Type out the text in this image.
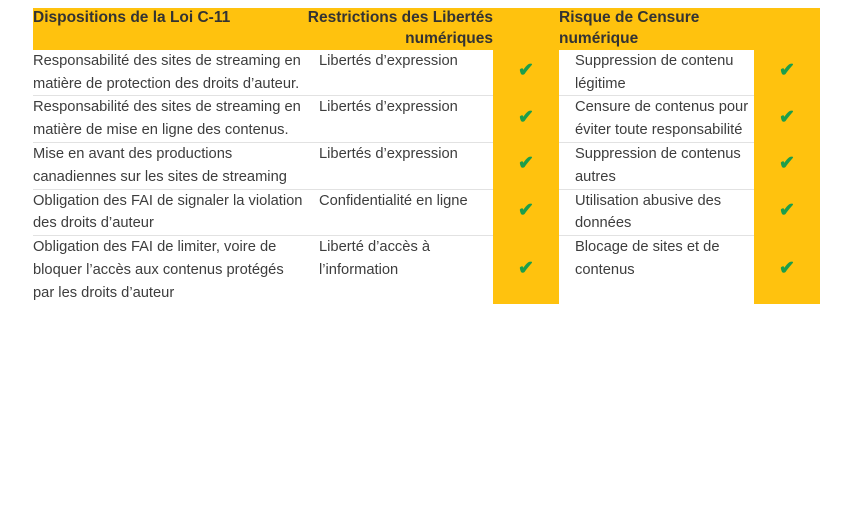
Dispositions de la Loi C-11	Restrictions des Libertés numériques		Risque de Censure numérique	
Responsabilité des sites de streaming en matière de protection des droits d’auteur.	Libertés d’expression	✔	Suppression de contenu légitime	✔
Responsabilité des sites de streaming en matière de mise en ligne des contenus.	Libertés d’expression	✔	Censure de contenus pour éviter toute responsabilité	✔
Mise en avant des productions canadiennes sur les sites de streaming	Libertés d’expression	✔	Suppression de contenus autres	✔
Obligation des FAI de signaler la violation des droits d’auteur	Confidentialité en ligne	✔	Utilisation abusive des données	✔
Obligation des FAI de limiter, voire de bloquer l’accès aux contenus protégés par les droits d’auteur	Liberté d’accès à l’information	✔	Blocage de sites et de contenus	✔
